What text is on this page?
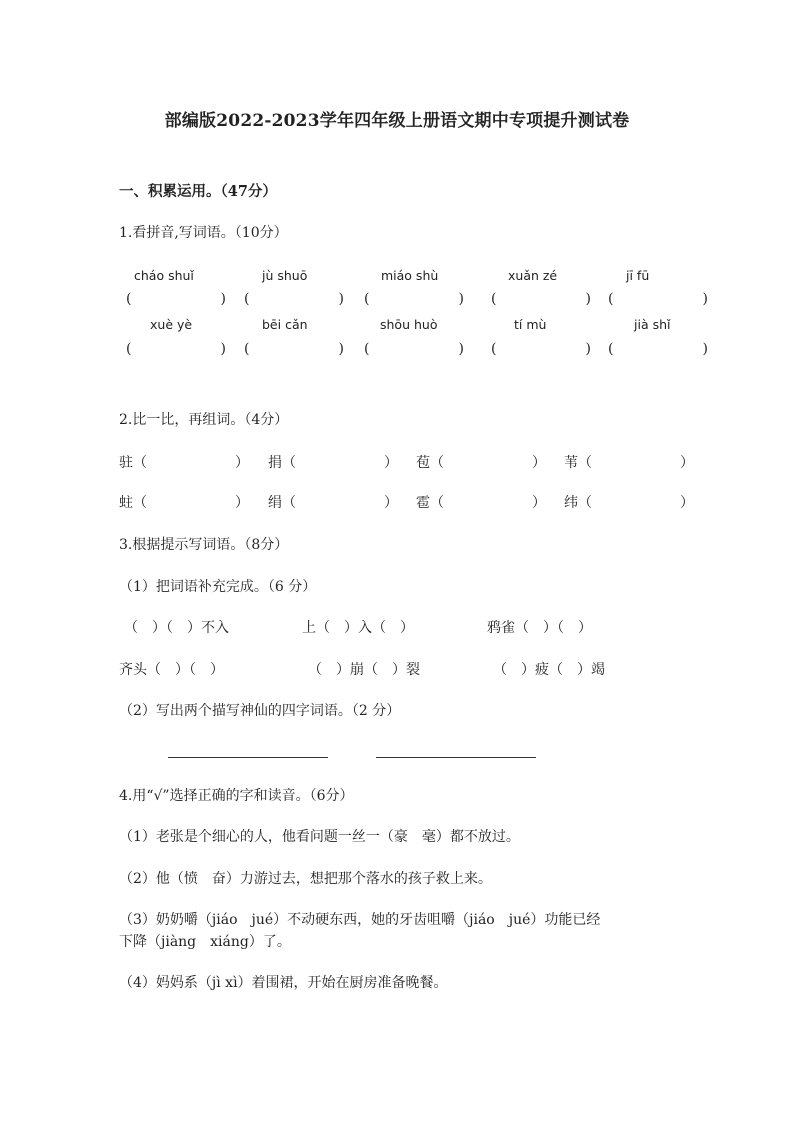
部编版2022-2023学年四年级上册语文期中专项提升测试卷
一、积累运用。（47分）
1.看拼音,写词语。（10分）
cháo shuǐ	jù shuō	miáo shù	xuǎn zé	jī fū
(	) (	) (	) (	) (	)
xuè yè	bēi cǎn	shōu huò	tí mù	jià shǐ
(	) (	) (	) (	) (	)
2.比一比，再组词。（4分）
驻（	） 捐（	） 苞（	） 苇（	）
蛀（	） 绢（	） 雹（	） 纬（	）
3.根据提示写词语。（8分）
（1）把词语补充完成。（6 分）
（　）（　）不入	上（　）入（　）	鸦雀（　）（　）
齐头（　）（　）	（　）崩（　）裂	（　）疲（　）竭
（2）写出两个描写神仙的四字词语。（2 分）
4.用“√”选择正确的字和读音。（6分）
（1）老张是个细心的人，他看问题一丝一（豪　毫）都不放过。
（2）他（愤　奋）力游过去，想把那个落水的孩子救上来。
（3）奶奶嚼（jiáo　jué）不动硬东西，她的牙齿咀嚼（jiáo　jué）功能已经
下降（jiàng　xiáng）了。
（4）妈妈系（jì xì）着围裙，开始在厨房准备晚餐。
